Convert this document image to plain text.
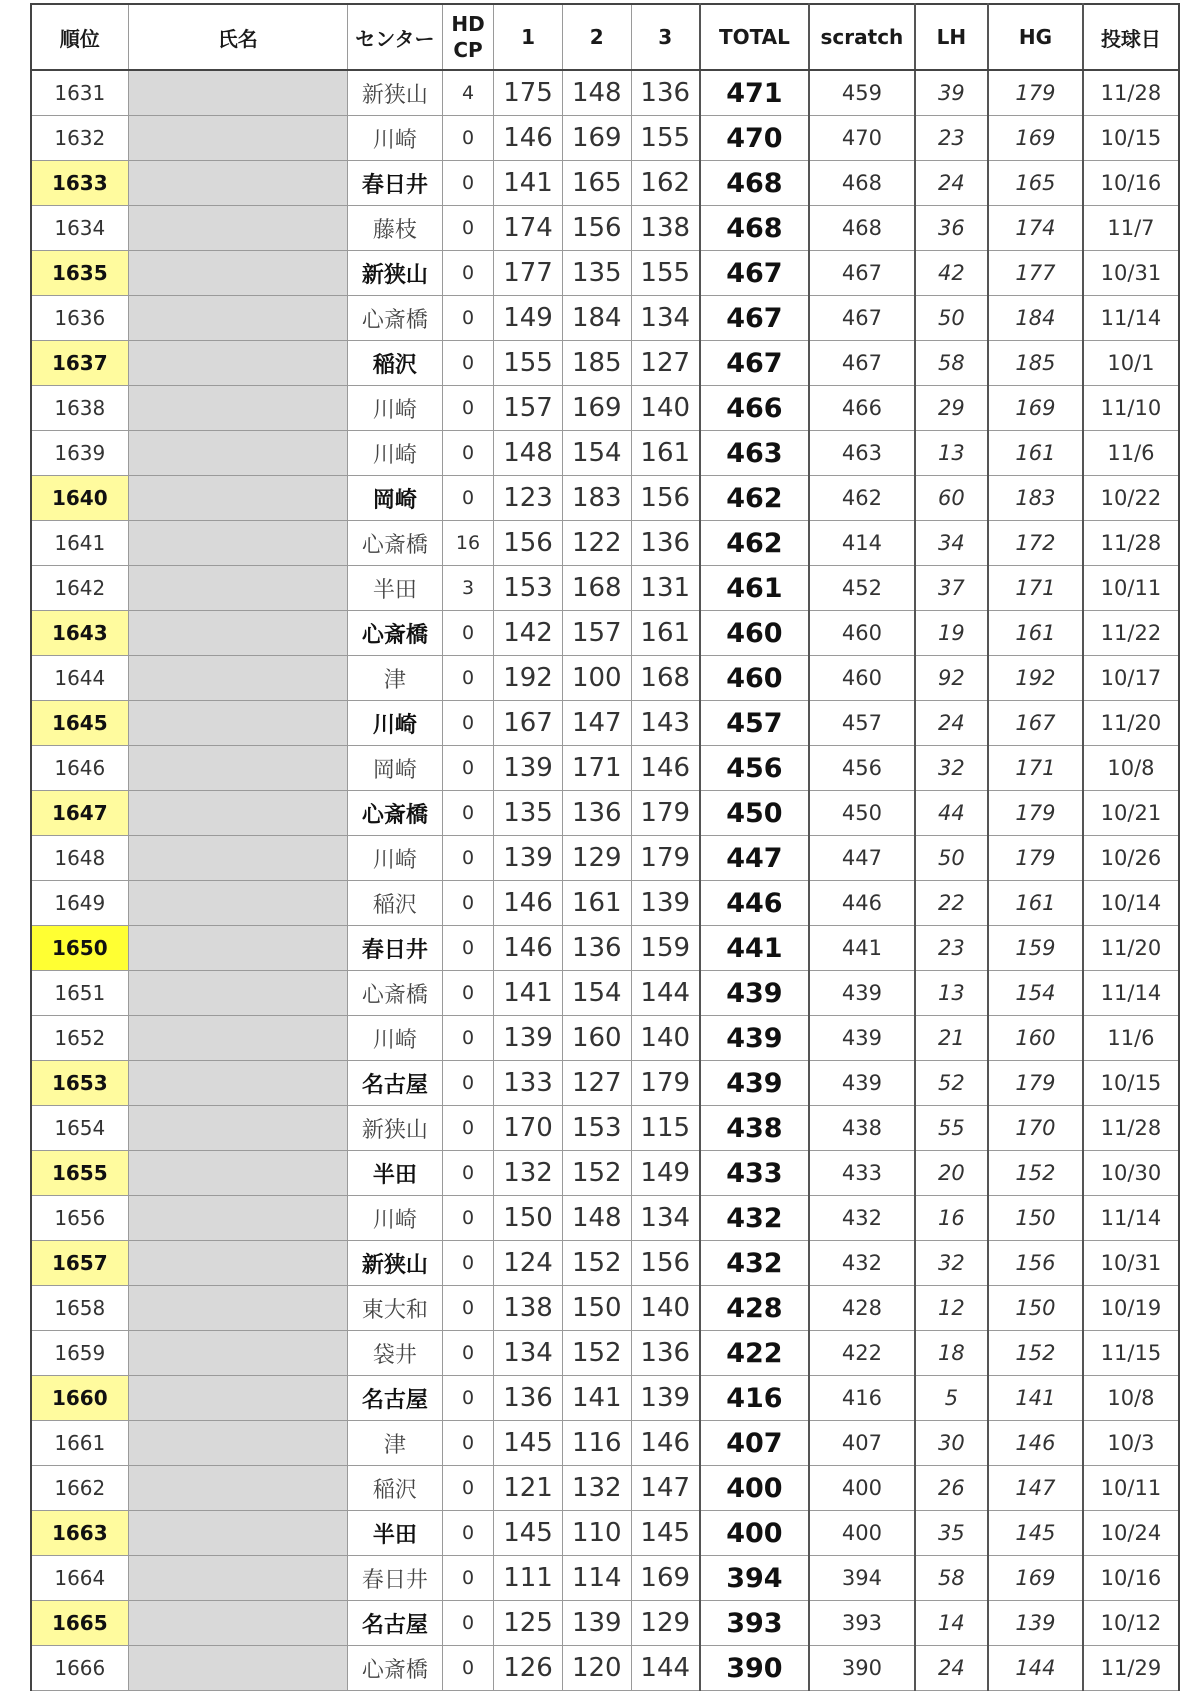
順位	氏名	センター	HD
CP	1	2	3	TOTAL	scratch	LH	HG	投球日
1631		新狭山	4	175	148	136	471	459	39	179	11/28
1632		川崎	0	146	169	155	470	470	23	169	10/15
1633		春日井	0	141	165	162	468	468	24	165	10/16
1634		藤枝	0	174	156	138	468	468	36	174	11/7
1635		新狭山	0	177	135	155	467	467	42	177	10/31
1636		心斎橋	0	149	184	134	467	467	50	184	11/14
1637		稲沢	0	155	185	127	467	467	58	185	10/1
1638		川崎	0	157	169	140	466	466	29	169	11/10
1639		川崎	0	148	154	161	463	463	13	161	11/6
1640		岡崎	0	123	183	156	462	462	60	183	10/22
1641		心斎橋	16	156	122	136	462	414	34	172	11/28
1642		半田	3	153	168	131	461	452	37	171	10/11
1643		心斎橋	0	142	157	161	460	460	19	161	11/22
1644		津	0	192	100	168	460	460	92	192	10/17
1645		川崎	0	167	147	143	457	457	24	167	11/20
1646		岡崎	0	139	171	146	456	456	32	171	10/8
1647		心斎橋	0	135	136	179	450	450	44	179	10/21
1648		川崎	0	139	129	179	447	447	50	179	10/26
1649		稲沢	0	146	161	139	446	446	22	161	10/14
1650		春日井	0	146	136	159	441	441	23	159	11/20
1651		心斎橋	0	141	154	144	439	439	13	154	11/14
1652		川崎	0	139	160	140	439	439	21	160	11/6
1653		名古屋	0	133	127	179	439	439	52	179	10/15
1654		新狭山	0	170	153	115	438	438	55	170	11/28
1655		半田	0	132	152	149	433	433	20	152	10/30
1656		川崎	0	150	148	134	432	432	16	150	11/14
1657		新狭山	0	124	152	156	432	432	32	156	10/31
1658		東大和	0	138	150	140	428	428	12	150	10/19
1659		袋井	0	134	152	136	422	422	18	152	11/15
1660		名古屋	0	136	141	139	416	416	5	141	10/8
1661		津	0	145	116	146	407	407	30	146	10/3
1662		稲沢	0	121	132	147	400	400	26	147	10/11
1663		半田	0	145	110	145	400	400	35	145	10/24
1664		春日井	0	111	114	169	394	394	58	169	10/16
1665		名古屋	0	125	139	129	393	393	14	139	10/12
1666		心斎橋	0	126	120	144	390	390	24	144	11/29
